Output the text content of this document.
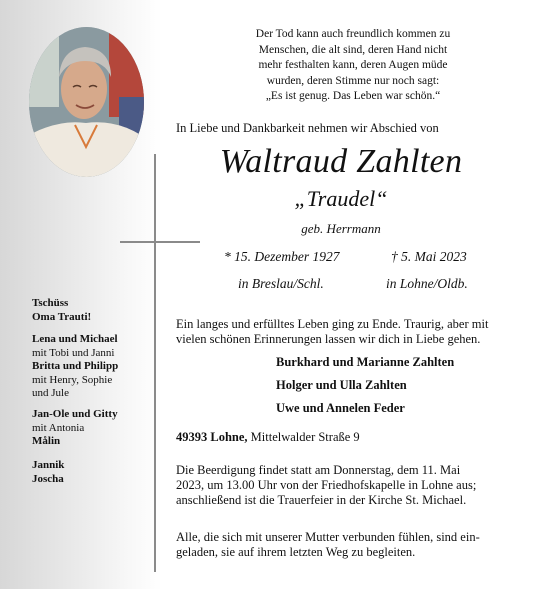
Der Tod kann auch freundlich kommen zu
Menschen, die alt sind, deren Hand nicht
mehr festhalten kann, deren Augen müde
wurden, deren Stimme nur noch sagt:
„Es ist genug. Das Leben war schön.“
In Liebe und Dankbarkeit nehmen wir Abschied von
Waltraud Zahlten
„Traudel“
geb. Herrmann
* 15. Dezember 1927	† 5. Mai 2023
in Breslau/Schl.	in Lohne/Oldb.
Ein langes und erfülltes Leben ging zu Ende. Traurig, aber mit
vielen schönen Erinnerungen lassen wir dich in Liebe gehen.
Burkhard und Marianne Zahlten
Holger und Ulla Zahlten
Uwe und Annelen Feder
49393 Lohne, Mittelwalder Straße 9
Die Beerdigung findet statt am Donnerstag, dem 11. Mai
2023, um 13.00 Uhr von der Friedhofskapelle in Lohne aus;
anschließend ist die Trauerfeier in der Kirche St. Michael.
Alle, die sich mit unserer Mutter verbunden fühlen, sind ein-
geladen, sie auf ihrem letzten Weg zu begleiten.
Tschüss
Oma Trauti!
Lena und Michael
mit Tobi und Janni
Britta und Philipp
mit Henry, Sophie
und Jule
Jan-Ole und Gitty
mit Antonia
Målin
Jannik
Joscha
